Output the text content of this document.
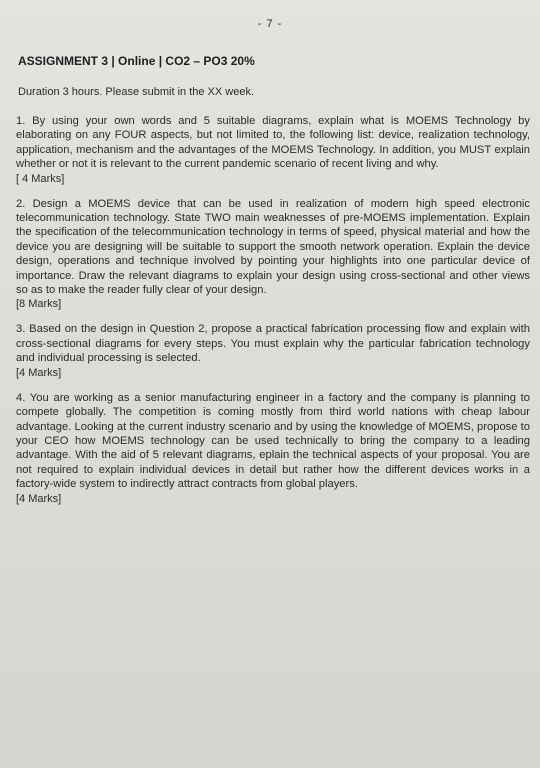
- 7 -
ASSIGNMENT 3 | Online | CO2 – PO3 20%
Duration 3 hours. Please submit in the XX week.
1. By using your own words and 5 suitable diagrams, explain what is MOEMS Technology by elaborating on any FOUR aspects, but not limited to, the following list: device, realization technology, application, mechanism and the advantages of the MOEMS Technology. In addition, you MUST explain whether or not it is relevant to the current pandemic scenario of recent living and why.
[ 4 Marks]
2. Design a MOEMS device that can be used in realization of modern high speed electronic telecommunication technology. State TWO main weaknesses of pre-MOEMS implementation. Explain the specification of the telecommunication technology in terms of speed, physical material and how the device you are designing will be suitable to support the smooth network operation. Explain the device design, operations and technique involved by pointing your highlights into one particular device of importance. Draw the relevant diagrams to explain your design using cross-sectional and other views so as to make the reader fully clear of your design.
[8 Marks]
3. Based on the design in Question 2, propose a practical fabrication processing flow and explain with cross-sectional diagrams for every steps. You must explain why the particular fabrication technology and individual processing is selected.
[4 Marks]
4. You are working as a senior manufacturing engineer in a factory and the company is planning to compete globally. The competition is coming mostly from third world nations with cheap labour advantage. Looking at the current industry scenario and by using the knowledge of MOEMS, propose to your CEO how MOEMS technology can be used technically to bring the company to a leading advantage. With the aid of 5 relevant diagrams, eplain the technical aspects of your proposal. You are not required to explain individual devices in detail but rather how the different devices works in a factory-wide system to indirectly attract contracts from global players.
[4 Marks]
